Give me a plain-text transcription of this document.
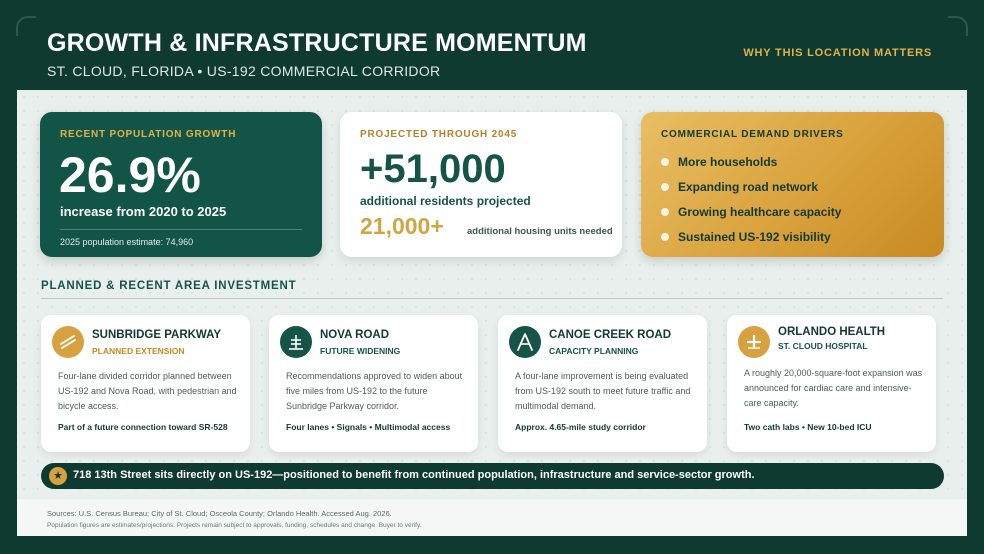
GROWTH & INFRASTRUCTURE MOMENTUM
ST. CLOUD, FLORIDA • US-192 COMMERCIAL CORRIDOR
WHY THIS LOCATION MATTERS
RECENT POPULATION GROWTH
26.9%
increase from 2020 to 2025
2025 population estimate: 74,960
PROJECTED THROUGH 2045
+51,000
additional residents projected
21,000+ additional housing units needed
COMMERCIAL DEMAND DRIVERS
More households
Expanding road network
Growing healthcare capacity
Sustained US-192 visibility
PLANNED & RECENT AREA INVESTMENT
SUNBRIDGE PARKWAY
PLANNED EXTENSION
Four-lane divided corridor planned between US-192 and Nova Road, with pedestrian and bicycle access.
Part of a future connection toward SR-528
NOVA ROAD
FUTURE WIDENING
Recommendations approved to widen about five miles from US-192 to the future Sunbridge Parkway corridor.
Four lanes • Signals • Multimodal access
CANOE CREEK ROAD
CAPACITY PLANNING
A four-lane improvement is being evaluated from US-192 south to meet future traffic and multimodal demand.
Approx. 4.65-mile study corridor
ORLANDO HEALTH
ST. CLOUD HOSPITAL
A roughly 20,000-square-foot expansion was announced for cardiac care and intensive-care capacity.
Two cath labs • New 10-bed ICU
★ 718 13th Street sits directly on US-192—positioned to benefit from continued population, infrastructure and service-sector growth.
Sources: U.S. Census Bureau; City of St. Cloud; Osceola County; Orlando Health. Accessed Aug. 2026.
Population figures are estimates/projections. Projects remain subject to approvals, funding, schedules and change. Buyer to verify.
